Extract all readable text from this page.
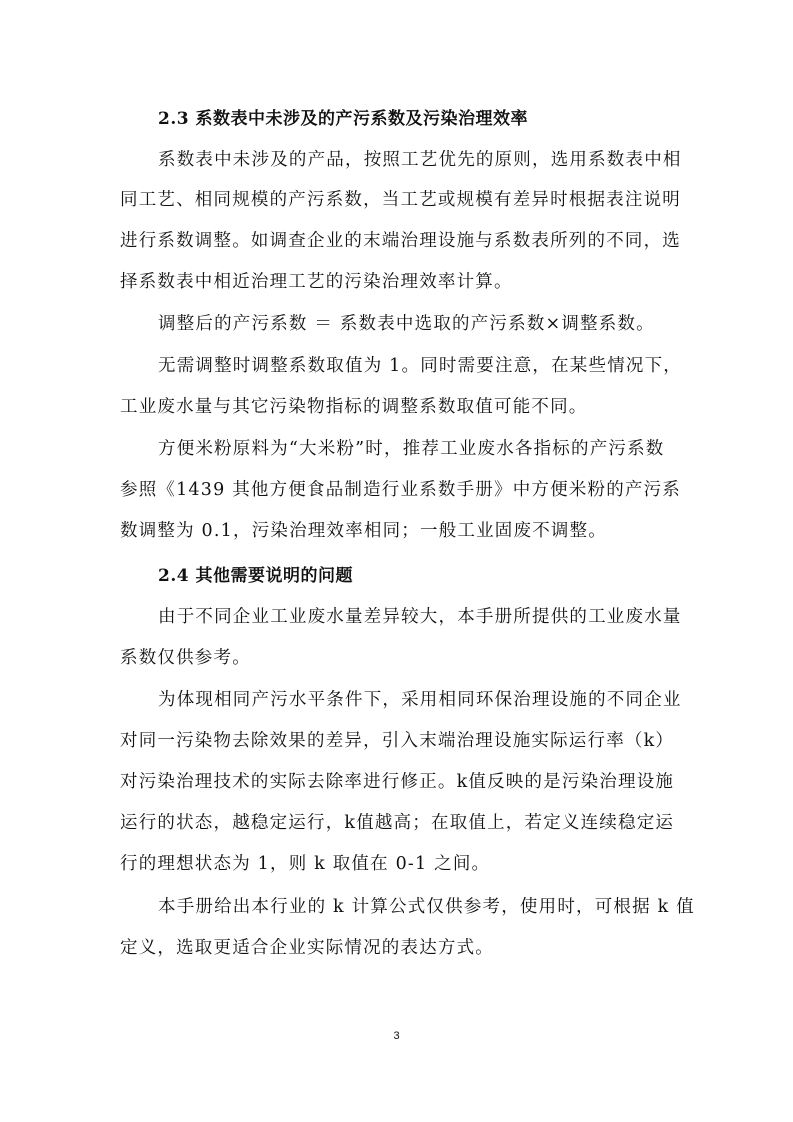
2.3 系数表中未涉及的产污系数及污染治理效率
系数表中未涉及的产品，按照工艺优先的原则，选用系数表中相
同工艺、相同规模的产污系数，当工艺或规模有差异时根据表注说明
进行系数调整。如调查企业的末端治理设施与系数表所列的不同，选
择系数表中相近治理工艺的污染治理效率计算。
调整后的产污系数 ＝ 系数表中选取的产污系数×调整系数。
无需调整时调整系数取值为 1。同时需要注意，在某些情况下，
工业废水量与其它污染物指标的调整系数取值可能不同。
方便米粉原料为“大米粉”时，推荐工业废水各指标的产污系数
参照《1439 其他方便食品制造行业系数手册》中方便米粉的产污系
数调整为 0.1，污染治理效率相同；一般工业固废不调整。
2.4 其他需要说明的问题
由于不同企业工业废水量差异较大，本手册所提供的工业废水量
系数仅供参考。
为体现相同产污水平条件下，采用相同环保治理设施的不同企业
对同一污染物去除效果的差异，引入末端治理设施实际运行率（k）
对污染治理技术的实际去除率进行修正。k值反映的是污染治理设施
运行的状态，越稳定运行，k值越高；在取值上，若定义连续稳定运
行的理想状态为 1，则 k 取值在 0-1 之间。
本手册给出本行业的 k 计算公式仅供参考，使用时，可根据 k 值
定义，选取更适合企业实际情况的表达方式。
3
